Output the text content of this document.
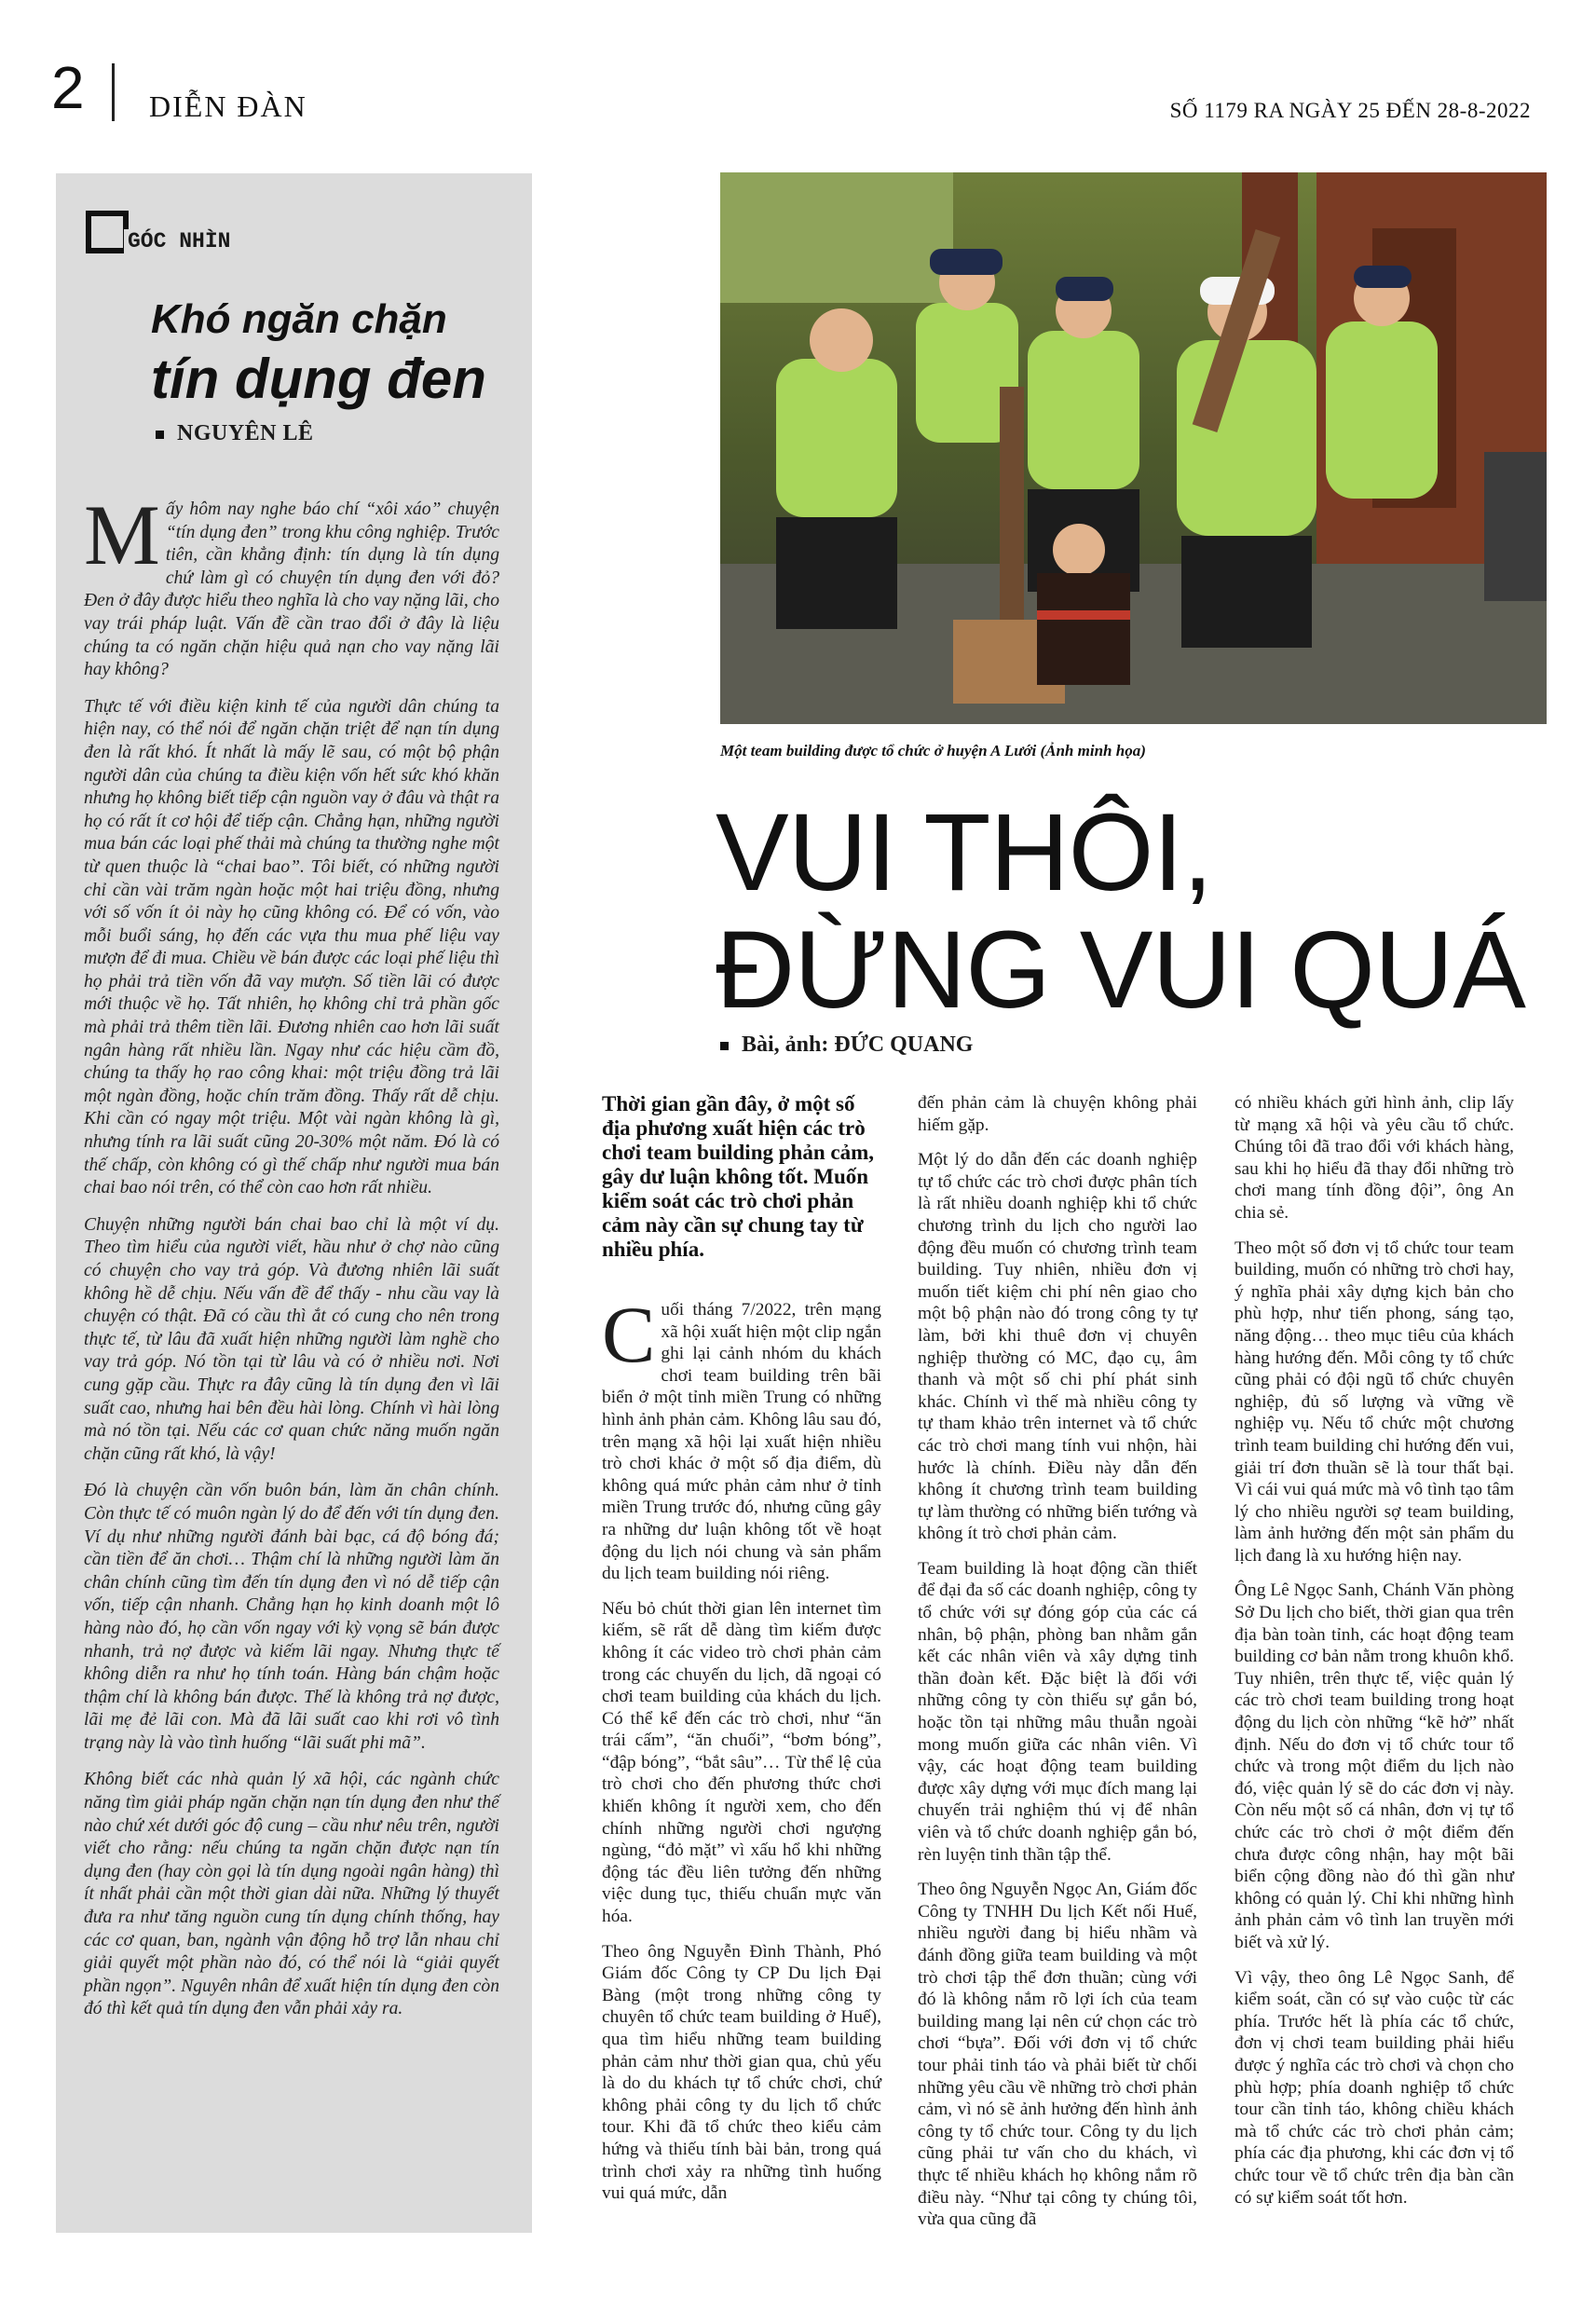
2 DIỄN ĐÀN	SỐ 1179 RA NGÀY 25 ĐẾN 28-8-2022
GÓC NHÌN
Khó ngăn chặn
tín dụng đen
NGUYÊN LÊ

Mấy hôm nay nghe báo chí “xôi xáo” chuyện “tín dụng đen” trong khu công nghiệp. Trước tiên, cần khẳng định: tín dụng là tín dụng chứ làm gì có chuyện tín dụng đen với đỏ? Đen ở đây được hiểu theo nghĩa là cho vay nặng lãi, cho vay trái pháp luật. Vấn đề cần trao đổi ở đây là liệu chúng ta có ngăn chặn hiệu quả nạn cho vay nặng lãi hay không?

Thực tế với điều kiện kinh tế của người dân chúng ta hiện nay, có thể nói để ngăn chặn triệt để nạn tín dụng đen là rất khó. Ít nhất là mấy lẽ sau, có một bộ phận người dân của chúng ta điều kiện vốn hết sức khó khăn nhưng họ không biết tiếp cận nguồn vay ở đâu và thật ra họ có rất ít cơ hội để tiếp cận. Chẳng hạn, những người mua bán các loại phế thải mà chúng ta thường nghe một từ quen thuộc là “chai bao”. Tôi biết, có những người chỉ cần vài trăm ngàn hoặc một hai triệu đồng, nhưng với số vốn ít ỏi này họ cũng không có. Để có vốn, vào mỗi buổi sáng, họ đến các vựa thu mua phế liệu vay mượn để đi mua. Chiều về bán được các loại phế liệu thì họ phải trả tiền vốn đã vay mượn. Số tiền lãi có được mới thuộc về họ. Tất nhiên, họ không chỉ trả phần gốc mà phải trả thêm tiền lãi. Đương nhiên cao hơn lãi suất ngân hàng rất nhiều lần. Ngay như các hiệu cầm đồ, chúng ta thấy họ rao công khai: một triệu đồng trả lãi một ngàn đồng, hoặc chín trăm đồng. Thấy rất dễ chịu. Khi cần có ngay một triệu. Một vài ngàn không là gì, nhưng tính ra lãi suất cũng 20-30% một năm. Đó là có thế chấp, còn không có gì thế chấp như người mua bán chai bao nói trên, có thể còn cao hơn rất nhiều.

Chuyện những người bán chai bao chỉ là một ví dụ. Theo tìm hiểu của người viết, hầu như ở chợ nào cũng có chuyện cho vay trả góp. Và đương nhiên lãi suất không hề dễ chịu. Nếu vấn đề để thấy - nhu cầu vay là chuyện có thật. Đã có cầu thì ắt có cung cho nên trong thực tế, từ lâu đã xuất hiện những người làm nghề cho vay trả góp. Nó tồn tại từ lâu và có ở nhiều nơi. Nơi cung gặp cầu. Thực ra đây cũng là tín dụng đen vì lãi suất cao, nhưng hai bên đều hài lòng. Chính vì hài lòng mà nó tồn tại. Nếu các cơ quan chức năng muốn ngăn chặn cũng rất khó, là vậy!

Đó là chuyện cần vốn buôn bán, làm ăn chân chính. Còn thực tế có muôn ngàn lý do để đến với tín dụng đen. Ví dụ như những người đánh bài bạc, cá độ bóng đá; cần tiền để ăn chơi… Thậm chí là những người làm ăn chân chính cũng tìm đến tín dụng đen vì nó dễ tiếp cận vốn, tiếp cận nhanh. Chẳng hạn họ kinh doanh một lô hàng nào đó, họ cần vốn ngay với kỳ vọng sẽ bán được nhanh, trả nợ được và kiếm lãi ngay. Nhưng thực tế không diễn ra như họ tính toán. Hàng bán chậm hoặc thậm chí là không bán được. Thế là không trả nợ được, lãi mẹ đẻ lãi con. Mà đã lãi suất cao khi rơi vô tình trạng này là vào tình huống “lãi suất phi mã”.

Không biết các nhà quản lý xã hội, các ngành chức năng tìm giải pháp ngăn chặn nạn tín dụng đen như thế nào chứ xét dưới góc độ cung – cầu như nêu trên, người viết cho rằng: nếu chúng ta ngăn chặn được nạn tín dụng đen (hay còn gọi là tín dụng ngoài ngân hàng) thì ít nhất phải cần một thời gian dài nữa. Những lý thuyết đưa ra như tăng nguồn cung tín dụng chính thống, hay các cơ quan, ban, ngành vận động hỗ trợ lẫn nhau chỉ giải quyết một phần nào đó, có thể nói là “giải quyết phần ngọn”. Nguyên nhân để xuất hiện tín dụng đen còn đó thì kết quả tín dụng đen vẫn phải xảy ra.

Một team building được tổ chức ở huyện A Lưới (Ảnh minh họa)
VUI THÔI,
ĐỪNG VUI QUÁ
Bài, ảnh: ĐỨC QUANG

Thời gian gần đây, ở một số địa phương xuất hiện các trò chơi team building phản cảm, gây dư luận không tốt. Muốn kiểm soát các trò chơi phản cảm này cần sự chung tay từ nhiều phía.

Cuối tháng 7/2022, trên mạng xã hội xuất hiện một clip ngắn ghi lại cảnh nhóm du khách chơi team building trên bãi biển ở một tỉnh miền Trung có những hình ảnh phản cảm. Không lâu sau đó, trên mạng xã hội lại xuất hiện nhiều trò chơi khác ở một số địa điểm, dù không quá mức phản cảm như ở tỉnh miền Trung trước đó, nhưng cũng gây ra những dư luận không tốt về hoạt động du lịch nói chung và sản phẩm du lịch team building nói riêng.

Nếu bỏ chút thời gian lên internet tìm kiếm, sẽ rất dễ dàng tìm kiếm được không ít các video trò chơi phản cảm trong các chuyến du lịch, dã ngoại có chơi team building của khách du lịch. Có thể kể đến các trò chơi, như “ăn trái cấm”, “ăn chuối”, “bơm bóng”, “đập bóng”, “bắt sâu”… Từ thể lệ của trò chơi cho đến phương thức chơi khiến không ít người xem, cho đến chính những người chơi ngượng ngùng, “đỏ mặt” vì xấu hổ khi những động tác đều liên tưởng đến những việc dung tục, thiếu chuẩn mực văn hóa.

Theo ông Nguyễn Đình Thành, Phó Giám đốc Công ty CP Du lịch Đại Bàng (một trong những công ty chuyên tổ chức team building ở Huế), qua tìm hiểu những team building phản cảm như thời gian qua, chủ yếu là do du khách tự tổ chức chơi, chứ không phải công ty du lịch tổ chức tour. Khi đã tổ chức theo kiểu cảm hứng và thiếu tính bài bản, trong quá trình chơi xảy ra những tình huống vui quá mức, dẫn

đến phản cảm là chuyện không phải hiếm gặp.

Một lý do dẫn đến các doanh nghiệp tự tổ chức các trò chơi được phân tích là rất nhiều doanh nghiệp khi tổ chức chương trình du lịch cho người lao động đều muốn có chương trình team building. Tuy nhiên, nhiều đơn vị muốn tiết kiệm chi phí nên giao cho một bộ phận nào đó trong công ty tự làm, bởi khi thuê đơn vị chuyên nghiệp thường có MC, đạo cụ, âm thanh và một số chi phí phát sinh khác. Chính vì thế mà nhiều công ty tự tham khảo trên internet và tổ chức các trò chơi mang tính vui nhộn, hài hước là chính. Điều này dẫn đến không ít chương trình team building tự làm thường có những biến tướng và không ít trò chơi phản cảm.

Team building là hoạt động cần thiết để đại đa số các doanh nghiệp, công ty tổ chức với sự đóng góp của các cá nhân, bộ phận, phòng ban nhằm gắn kết các nhân viên và xây dựng tinh thần đoàn kết. Đặc biệt là đối với những công ty còn thiếu sự gắn bó, hoặc tồn tại những mâu thuẫn ngoài mong muốn giữa các nhân viên. Vì vậy, các hoạt động team building được xây dựng với mục đích mang lại chuyến trải nghiệm thú vị để nhân viên và tổ chức doanh nghiệp gắn bó, rèn luyện tinh thần tập thể.

Theo ông Nguyễn Ngọc An, Giám đốc Công ty TNHH Du lịch Kết nối Huế, nhiều người đang bị hiểu nhầm và đánh đồng giữa team building và một trò chơi tập thể đơn thuần; cùng với đó là không nắm rõ lợi ích của team building mang lại nên cứ chọn các trò chơi “bựa”. Đối với đơn vị tổ chức tour phải tinh táo và phải biết từ chối những yêu cầu về những trò chơi phản cảm, vì nó sẽ ảnh hưởng đến hình ảnh công ty tổ chức tour. Công ty du lịch cũng phải tư vấn cho du khách, vì thực tế nhiều khách họ không nắm rõ điều này. “Như tại công ty chúng tôi, vừa qua cũng đã

có nhiều khách gửi hình ảnh, clip lấy từ mạng xã hội và yêu cầu tổ chức. Chúng tôi đã trao đổi với khách hàng, sau khi họ hiểu đã thay đổi những trò chơi mang tính đồng đội”, ông An chia sẻ.

Theo một số đơn vị tổ chức tour team building, muốn có những trò chơi hay, ý nghĩa phải xây dựng kịch bản cho phù hợp, như tiến phong, sáng tạo, năng động… theo mục tiêu của khách hàng hướng đến. Mỗi công ty tổ chức cũng phải có đội ngũ tổ chức chuyên nghiệp, đủ số lượng và vững về nghiệp vụ. Nếu tổ chức một chương trình team building chỉ hướng đến vui, giải trí đơn thuần sẽ là tour thất bại. Vì cái vui quá mức mà vô tình tạo tâm lý cho nhiều người sợ team building, làm ảnh hưởng đến một sản phẩm du lịch đang là xu hướng hiện nay.

Ông Lê Ngọc Sanh, Chánh Văn phòng Sở Du lịch cho biết, thời gian qua trên địa bàn toàn tỉnh, các hoạt động team building cơ bản nằm trong khuôn khổ. Tuy nhiên, trên thực tế, việc quản lý các trò chơi team building trong hoạt động du lịch còn những “kẽ hở” nhất định. Nếu do đơn vị tổ chức tour tổ chức và trong một điểm du lịch nào đó, việc quản lý sẽ do các đơn vị này. Còn nếu một số cá nhân, đơn vị tự tổ chức các trò chơi ở một điểm đến chưa được công nhận, hay một bãi biển cộng đồng nào đó thì gần như không có quản lý. Chỉ khi những hình ảnh phản cảm vô tình lan truyền mới biết và xử lý.

Vì vậy, theo ông Lê Ngọc Sanh, để kiểm soát, cần có sự vào cuộc từ các phía. Trước hết là phía các tổ chức, đơn vị chơi team building phải hiểu được ý nghĩa các trò chơi và chọn cho phù hợp; phía doanh nghiệp tổ chức tour cần tỉnh táo, không chiều khách mà tổ chức các trò chơi phản cảm; phía các địa phương, khi các đơn vị tổ chức tour về tổ chức trên địa bàn cần có sự kiểm soát tốt hơn.
